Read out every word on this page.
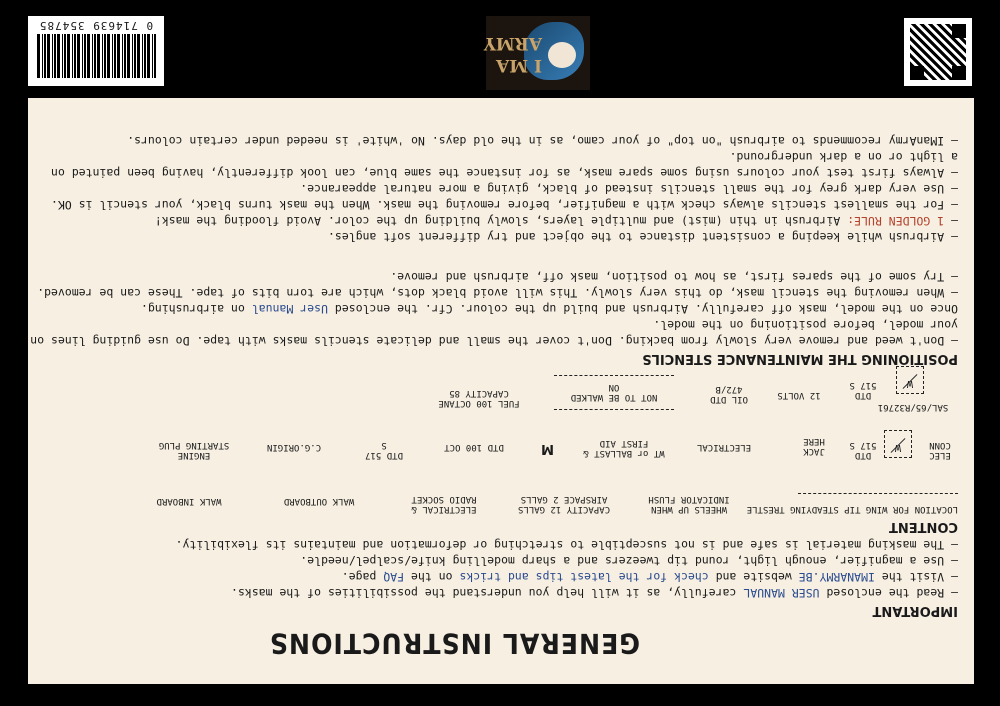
0 714639 354785
I MA
ARMY
GENERAL INSTRUCTIONS
IMPORTANT
– Read the enclosed USER MANUAL carefully, as it will help you understand the possibilities of the masks.
– Visit the IMANARMY.BE website and check for the latest tips and tricks on the FAQ page.
– Use a magnifier, enough light, round tip tweezers and a sharp modelling knife/scalpel/needle.
– The masking material is safe and is not susceptible to stretching or deformation and maintains its flexibility.
CONTENT
LOCATION FOR WING TIP STEADYING TRESTLE
WHEELS UP WHEN INDICATOR FLUSH
CAPACITY 12 GALLS AIRSPACE 2 GALLS
ELECTRICAL & RADIO SOCKET
WALK OUTBOARD
WALK INBOARD
ELEC CONN
W
DTD 517 S
JACK HERE
ELECTRICAL
WT or BALLAST & FIRST AID
M
DTD 100 OCT
DTD 517 S
C.G.ORIGIN
ENGINE STARTING PLUG
SAL/65/R32761
W
DTD 517 S
12 VOLTS
OIL DTD 472/B
NOT TO BE WALKED ON
FUEL 100 OCTANE CAPACITY 85
POSITIONING THE MAINTENANCE STENCILS
– Don't weed and remove very slowly from backing. Don't cover the small and delicate stencils masks with tape. Do use guiding lines on
your model, before positioning on the model.
Once on the model, mask off carefully. Airbrush and build up the colour. Cfr. the enclosed User Manual on airbrushing.
– When removing the stencil mask, do this very slowly. This will avoid black dots, which are torn bits of tape. These can be removed.
– Try some of the spares first, as how to position, mask off, airbrush and remove.
– Airbrush while keeping a consistent distance to the object and try different soft angles.
– 1 GOLDEN RULE: Airbrush in thin (mist) and multiple layers, slowly building up the color. Avoid flooding the mask!
– For the smallest stencils always check with a magnifier, before removing the mask. When the mask turns black, your stencil is OK.
– Use very dark grey for the small stencils instead of black, giving a more natural appearance.
– Always first test your colours using some spare mask, as for instance the same blue, can look differently, having been painted on
a light or on a dark underground.
– IManArmy recommends to airbrush "on top" of your camo, as in the old days. No 'white' is needed under certain colours.
